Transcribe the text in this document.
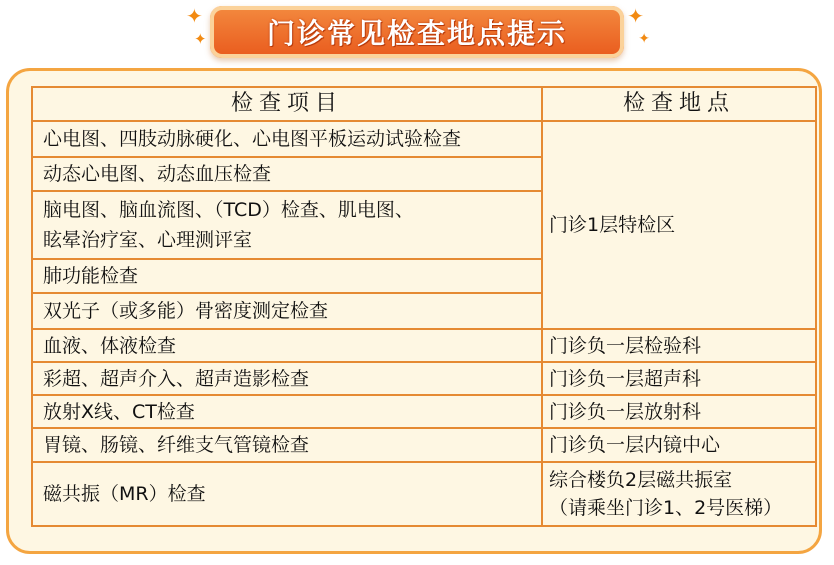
✦
✦
✦
✦
门诊常见检查地点提示
检查项目	检查地点
心电图、四肢动脉硬化、心电图平板运动试验检查	门诊1层特检区
动态心电图、动态血压检查	

脑电图、脑血流图、（TCD）检查、肌电图、
眩晕治疗室、心理测评室	

肺功能检查	
双光子（或多能）骨密度测定检查	
血液、体液检查	门诊负一层检验科
彩超、超声介入、超声造影检查	门诊负一层超声科
放射X线、CT检查	门诊负一层放射科
胃镜、肠镜、纤维支气管镜检查	门诊负一层内镜中心
磁共振（MR）检查	综合楼负2层磁共振室
（请乘坐门诊1、2号医梯）
